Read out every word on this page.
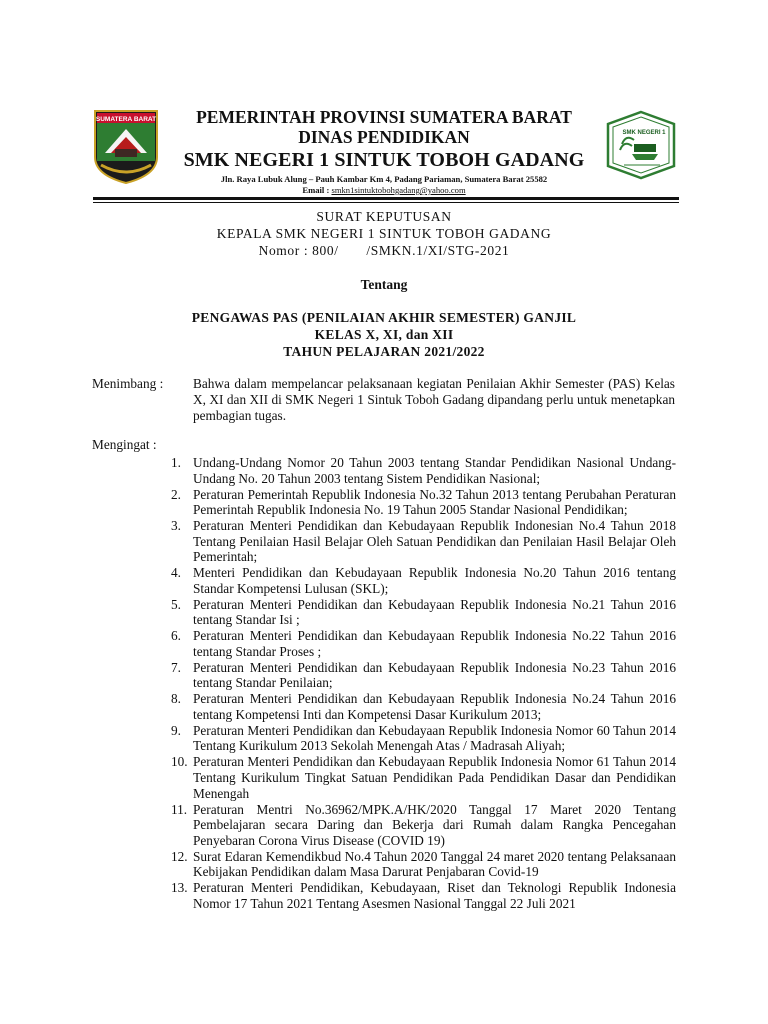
SUMATERA BARAT	PEMERINTAH PROVINSI SUMATERA BARAT
DINAS PENDIDIKAN
SMK NEGERI 1 SINTUK TOBOH GADANG
Jln. Raya Lubuk Alung – Pauh Kambar Km 4, Padang Pariaman, Sumatera Barat 25582
Email : smkn1sintuktobohgadang@yahoo.com
SMK NEGERI 1
SURAT KEPUTUSAN
KEPALA SMK NEGERI 1 SINTUK TOBOH GADANG
Nomor : 800/       /SMKN.1/XI/STG-2021
Tentang
PENGAWAS PAS (PENILAIAN AKHIR SEMESTER) GANJIL
KELAS X, XI, dan XII
TAHUN PELAJARAN 2021/2022
Menimbang : Bahwa dalam mempelancar pelaksanaan kegiatan Penilaian Akhir Semester (PAS) Kelas X, XI dan XII di SMK Negeri 1 Sintuk Toboh Gadang dipandang perlu untuk menetapkan pembagian tugas.
Mengingat :
1. Undang-Undang Nomor 20 Tahun 2003 tentang Standar Pendidikan Nasional Undang-Undang No. 20 Tahun 2003 tentang Sistem Pendidikan Nasional;
2. Peraturan Pemerintah Republik Indonesia No.32 Tahun 2013 tentang Perubahan Peraturan Pemerintah Republik Indonesia No. 19 Tahun 2005 Standar Nasional Pendidikan;
3. Peraturan Menteri Pendidikan dan Kebudayaan Republik Indonesian No.4 Tahun 2018 Tentang Penilaian Hasil Belajar Oleh Satuan Pendidikan dan Penilaian Hasil Belajar Oleh Pemerintah;
4. Menteri Pendidikan dan Kebudayaan Republik Indonesia No.20 Tahun 2016 tentang Standar Kompetensi Lulusan (SKL);
5. Peraturan Menteri Pendidikan dan Kebudayaan Republik Indonesia No.21 Tahun 2016 tentang Standar Isi ;
6. Peraturan Menteri Pendidikan dan Kebudayaan Republik Indonesia No.22 Tahun 2016 tentang Standar Proses ;
7. Peraturan Menteri Pendidikan dan Kebudayaan Republik Indonesia No.23 Tahun 2016 tentang Standar Penilaian;
8. Peraturan Menteri Pendidikan dan Kebudayaan Republik Indonesia No.24 Tahun 2016 tentang Kompetensi Inti dan Kompetensi Dasar Kurikulum 2013;
9. Peraturan Menteri Pendidikan dan Kebudayaan Republik Indonesia Nomor 60 Tahun 2014 Tentang Kurikulum 2013 Sekolah Menengah Atas / Madrasah Aliyah;
10. Peraturan Menteri Pendidikan dan Kebudayaan Republik Indonesia Nomor 61 Tahun 2014 Tentang Kurikulum Tingkat Satuan Pendidikan Pada Pendidikan Dasar dan Pendidikan Menengah
11. Peraturan Mentri No.36962/MPK.A/HK/2020 Tanggal 17 Maret 2020 Tentang Pembelajaran secara Daring dan Bekerja dari Rumah dalam Rangka Pencegahan Penyebaran Corona Virus Disease (COVID 19)
12. Surat Edaran Kemendikbud No.4 Tahun 2020 Tanggal 24 maret 2020 tentang Pelaksanaan Kebijakan Pendidikan dalam Masa Darurat Penjabaran Covid-19
13. Peraturan Menteri Pendidikan, Kebudayaan, Riset dan Teknologi Republik Indonesia Nomor 17 Tahun 2021 Tentang Asesmen Nasional Tanggal 22 Juli 2021
